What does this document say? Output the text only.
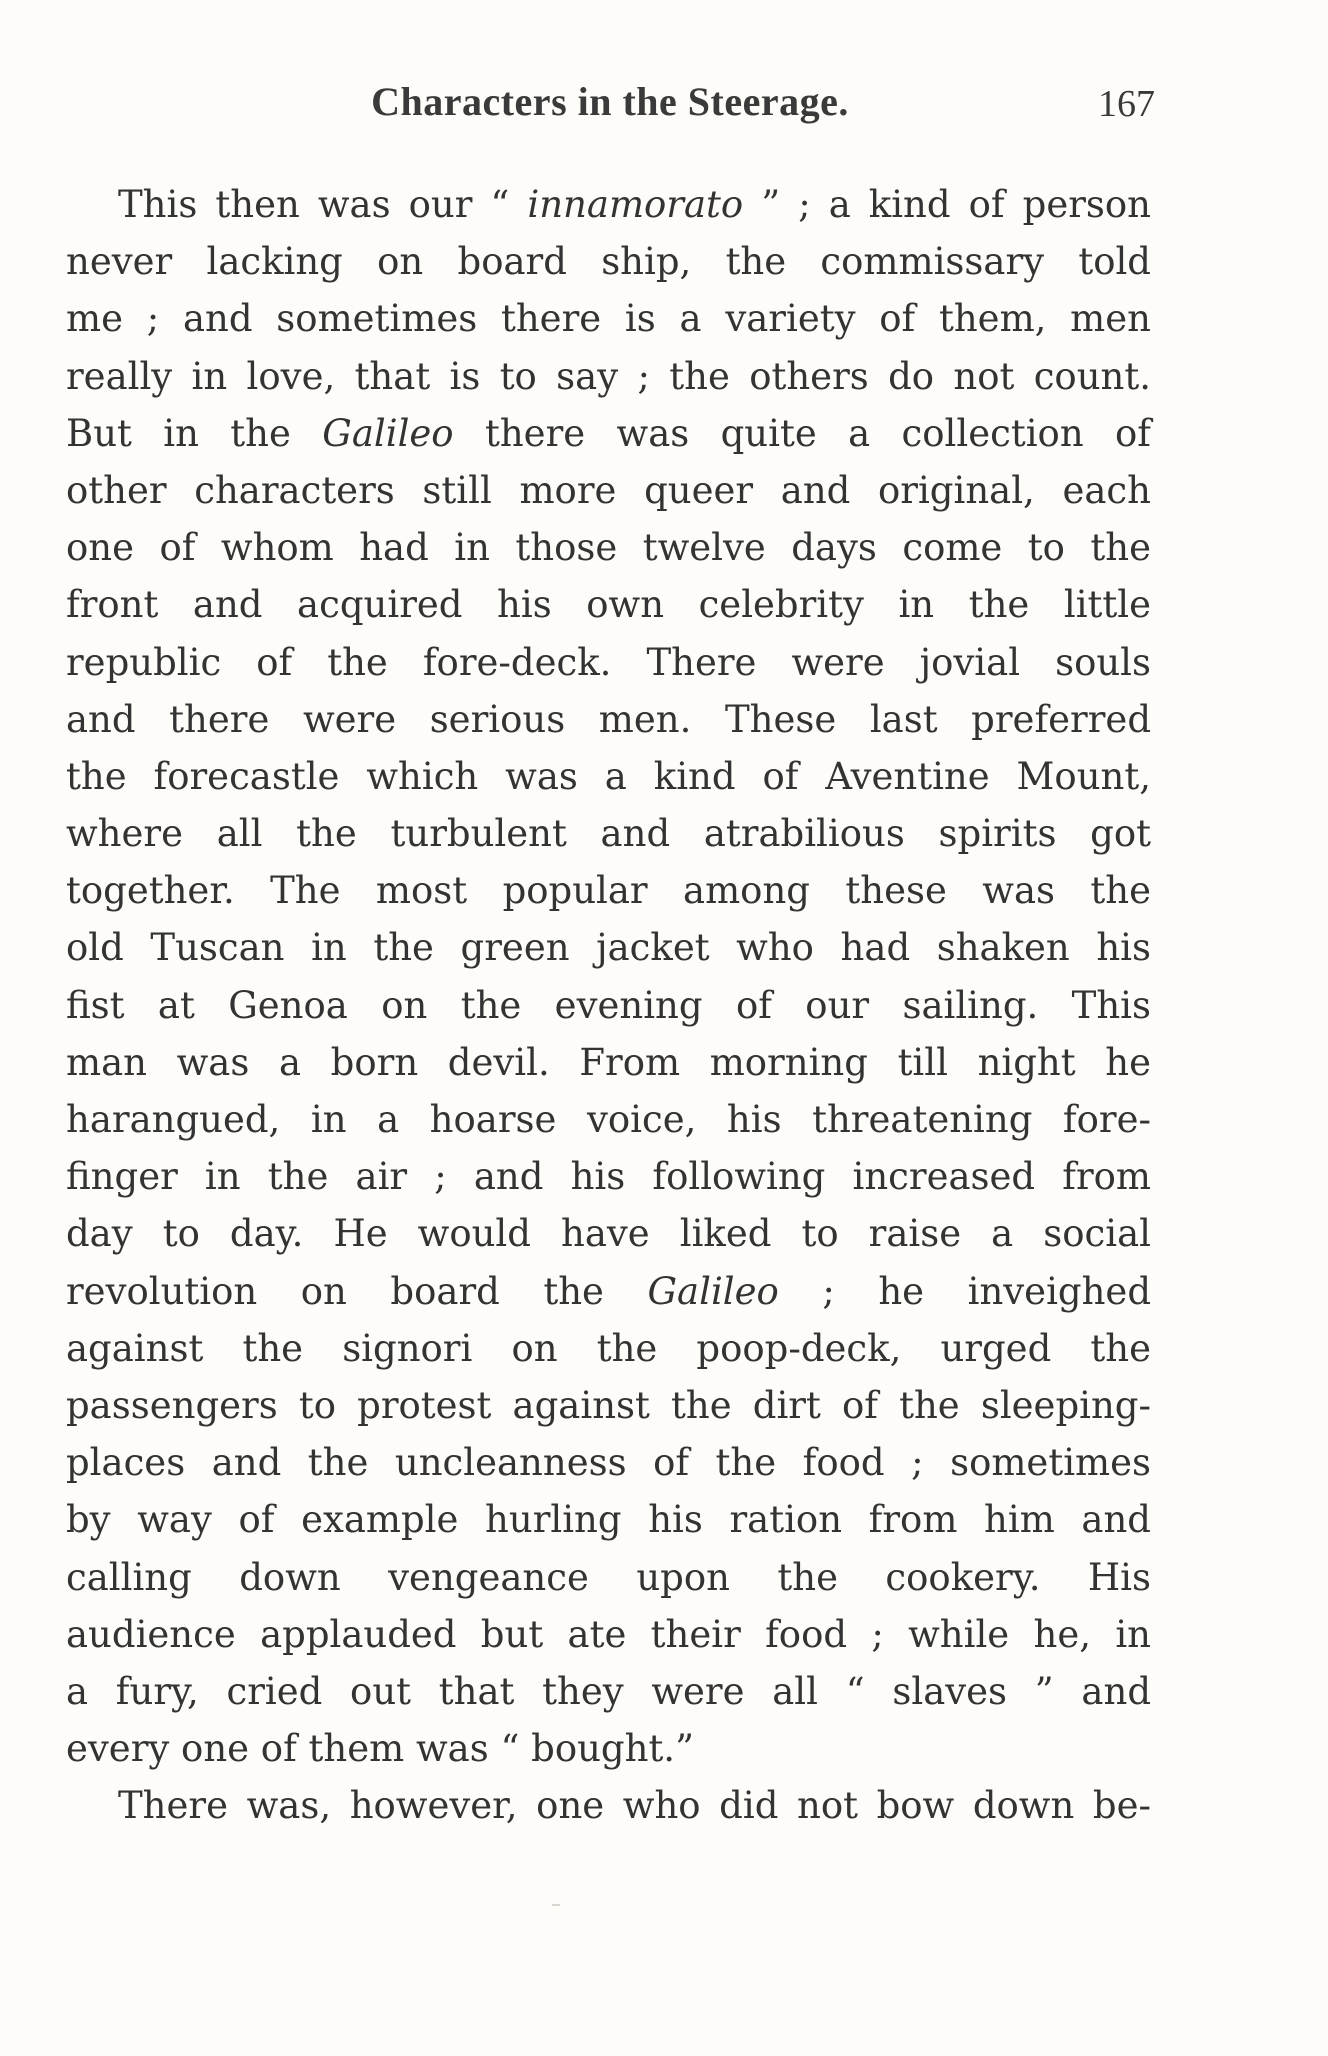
Characters in the Steerage.	167
This then was our “ innamorato ” ; a kind of person
never lacking on board ship, the commissary told
me ; and sometimes there is a variety of them, men
really in love, that is to say ; the others do not count.
But in the Galileo there was quite a collection of
other characters still more queer and original, each
one of whom had in those twelve days come to the
front and acquired his own celebrity in the little
republic of the fore-deck. There were jovial souls
and there were serious men. These last preferred
the forecastle which was a kind of Aventine Mount,
where all the turbulent and atrabilious spirits got
together. The most popular among these was the
old Tuscan in the green jacket who had shaken his
fist at Genoa on the evening of our sailing. This
man was a born devil. From morning till night he
harangued, in a hoarse voice, his threatening fore-
finger in the air ; and his following increased from
day to day. He would have liked to raise a social
revolution on board the Galileo ; he inveighed
against the signori on the poop-deck, urged the
passengers to protest against the dirt of the sleeping-
places and the uncleanness of the food ; sometimes
by way of example hurling his ration from him and
calling down vengeance upon the cookery. His
audience applauded but ate their food ; while he, in
a fury, cried out that they were all “ slaves ” and
every one of them was “ bought.”
There was, however, one who did not bow down be-
